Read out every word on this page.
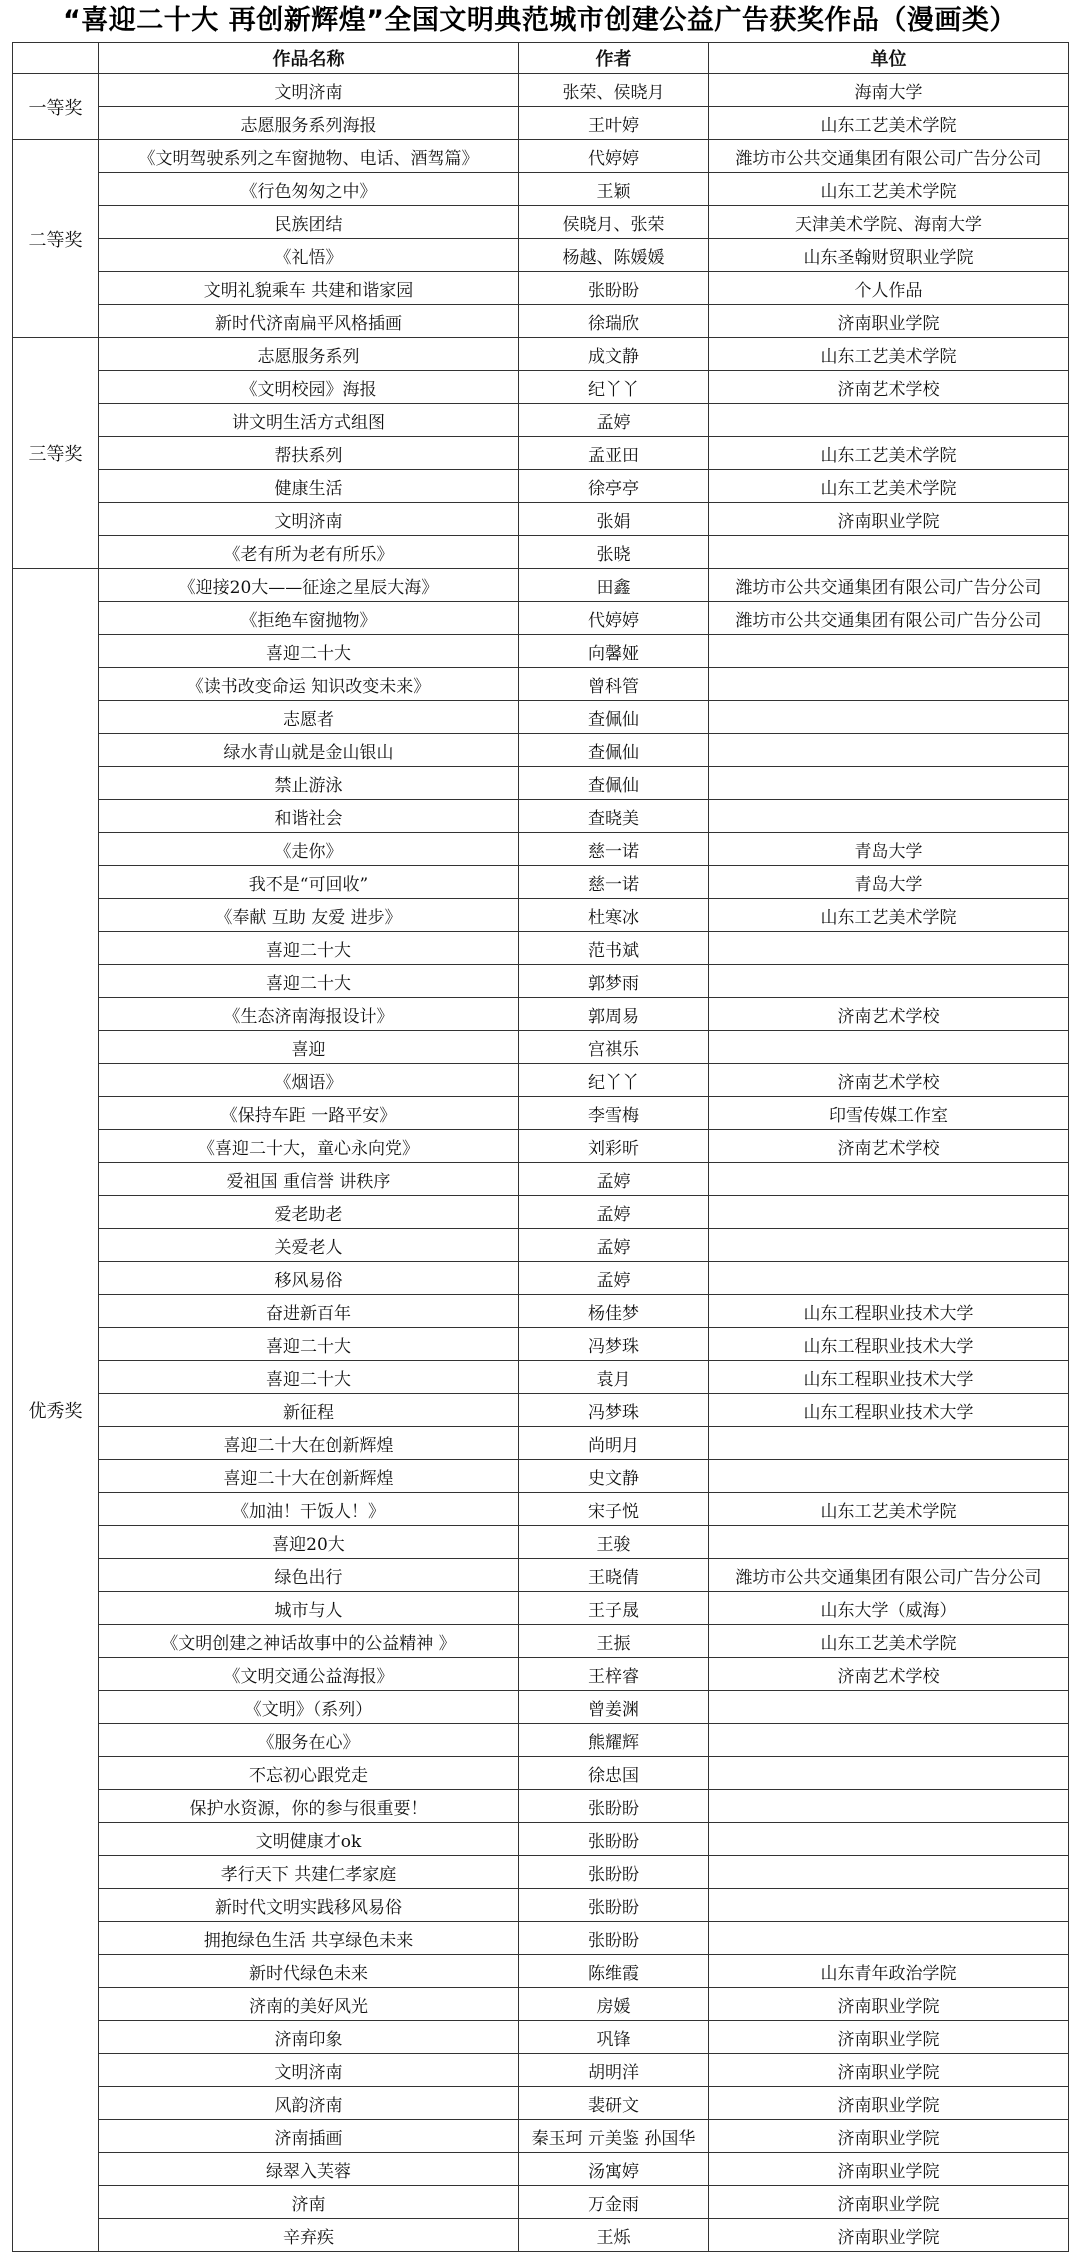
“喜迎二十大 再创新辉煌”全国文明典范城市创建公益广告获奖作品（漫画类）
	作品名称	作者	单位
一等奖	文明济南	张荣、侯晓月	海南大学
	志愿服务系列海报	王叶婷	山东工艺美术学院
二等奖	《文明驾驶系列之车窗抛物、电话、酒驾篇》	代婷婷	潍坊市公共交通集团有限公司广告分公司
	《行色匆匆之中》	王颖	山东工艺美术学院
	民族团结	侯晓月、张荣	天津美术学院、海南大学
	《礼悟》	杨越、陈媛媛	山东圣翰财贸职业学院
	文明礼貌乘车 共建和谐家园	张盼盼	个人作品
	新时代济南扁平风格插画	徐瑞欣	济南职业学院
三等奖	志愿服务系列	成文静	山东工艺美术学院
	《文明校园》海报	纪丫丫	济南艺术学校
	讲文明生活方式组图	孟婷	
	帮扶系列	孟亚田	山东工艺美术学院
	健康生活	徐亭亭	山东工艺美术学院
	文明济南	张娟	济南职业学院
	《老有所为老有所乐》	张晓	
优秀奖	《迎接20大——征途之星辰大海》	田鑫	潍坊市公共交通集团有限公司广告分公司
	《拒绝车窗抛物》	代婷婷	潍坊市公共交通集团有限公司广告分公司
	喜迎二十大	向馨娅	
	《读书改变命运 知识改变未来》	曾科管	
	志愿者	查佩仙	
	绿水青山就是金山银山	查佩仙	
	禁止游泳	查佩仙	
	和谐社会	查晓美	
	《走你》	慈一诺	青岛大学
	我不是“可回收”	慈一诺	青岛大学
	《奉献 互助 友爱 进步》	杜寒冰	山东工艺美术学院
	喜迎二十大	范书斌	
	喜迎二十大	郭梦雨	
	《生态济南海报设计》	郭周易	济南艺术学校
	喜迎	宫祺乐	
	《烟语》	纪丫丫	济南艺术学校
	《保持车距 一路平安》	李雪梅	印雪传媒工作室
	《喜迎二十大，童心永向党》	刘彩昕	济南艺术学校
	爱祖国 重信誉 讲秩序	孟婷	
	爱老助老	孟婷	
	关爱老人	孟婷	
	移风易俗	孟婷	
	奋进新百年	杨佳梦	山东工程职业技术大学
	喜迎二十大	冯梦珠	山东工程职业技术大学
	喜迎二十大	袁月	山东工程职业技术大学
	新征程	冯梦珠	山东工程职业技术大学
	喜迎二十大在创新辉煌	尚明月	
	喜迎二十大在创新辉煌	史文静	
	《加油！干饭人！》	宋子悦	山东工艺美术学院
	喜迎20大	王骏	
	绿色出行	王晓倩	潍坊市公共交通集团有限公司广告分公司
	城市与人	王子晟	山东大学（威海）
	《文明创建之神话故事中的公益精神 》	王振	山东工艺美术学院
	《文明交通公益海报》	王梓睿	济南艺术学校
	《文明》（系列）	曾姜渊	
	《服务在心》	熊耀辉	
	不忘初心跟党走	徐忠国	
	保护水资源，你的参与很重要！	张盼盼	
	文明健康才ok	张盼盼	
	孝行天下 共建仁孝家庭	张盼盼	
	新时代文明实践移风易俗	张盼盼	
	拥抱绿色生活 共享绿色未来	张盼盼	
	新时代绿色未来	陈维霞	山东青年政治学院
	济南的美好风光	房媛	济南职业学院
	济南印象	巩锋	济南职业学院
	文明济南	胡明洋	济南职业学院
	风韵济南	裴研文	济南职业学院
	济南插画	秦玉珂 亓美鉴 孙国华	济南职业学院
	绿翠入芙蓉	汤寓婷	济南职业学院
	济南	万金雨	济南职业学院
	辛弃疾	王烁	济南职业学院
